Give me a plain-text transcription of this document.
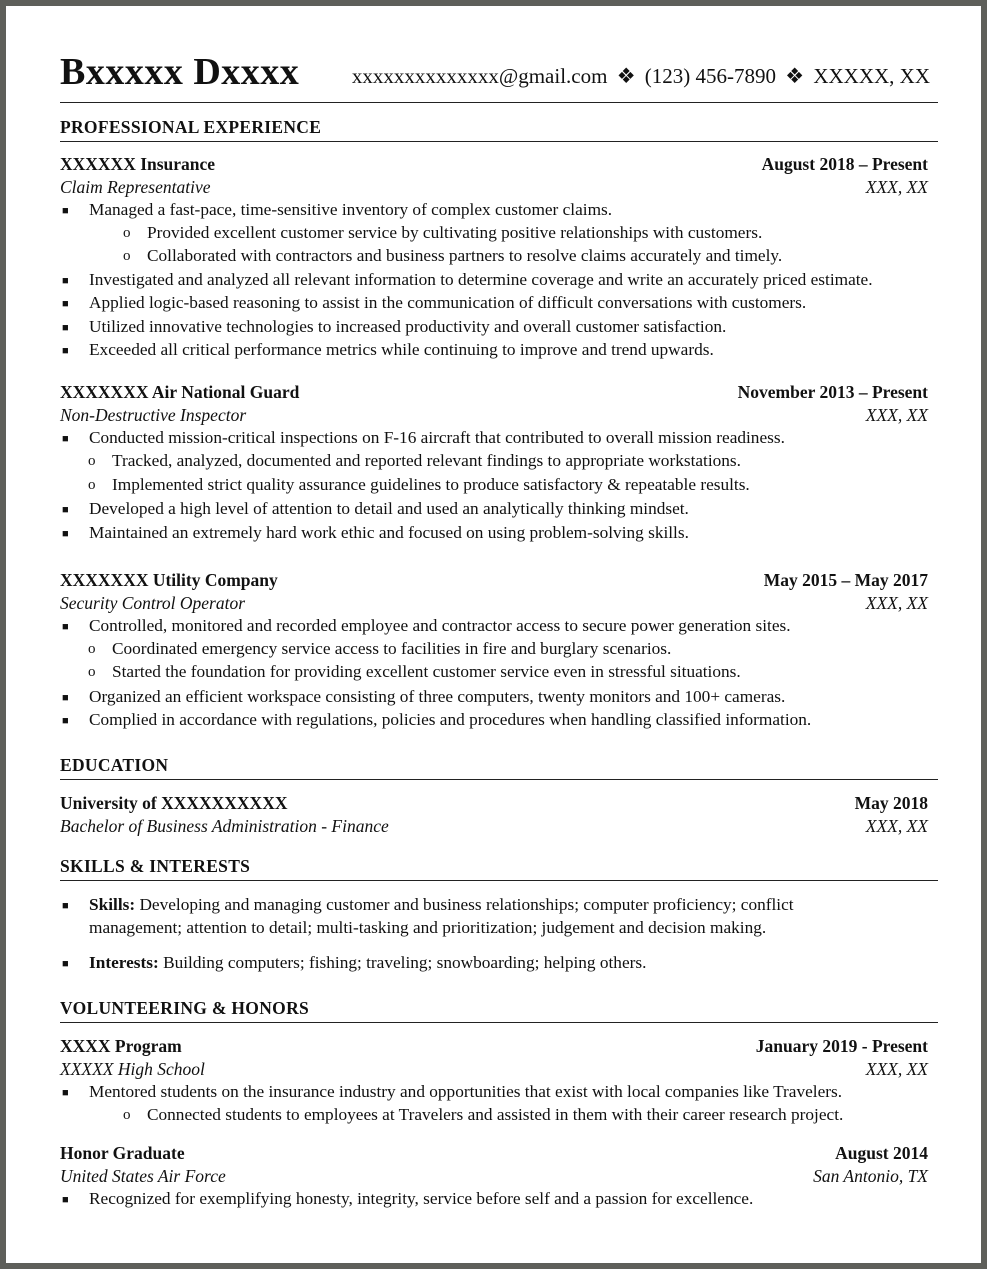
Bxxxxx Dxxxx	xxxxxxxxxxxxxx@gmail.com ❖ (123) 456-7890 ❖ XXXXX, XX
PROFESSIONAL EXPERIENCE
XXXXXX Insurance	August 2018 – Present
Claim Representative	XXX, XX
■ Managed a fast-pace, time-sensitive inventory of complex customer claims.
o Provided excellent customer service by cultivating positive relationships with customers.
o Collaborated with contractors and business partners to resolve claims accurately and timely.
■ Investigated and analyzed all relevant information to determine coverage and write an accurately priced estimate.
■ Applied logic-based reasoning to assist in the communication of difficult conversations with customers.
■ Utilized innovative technologies to increased productivity and overall customer satisfaction.
■ Exceeded all critical performance metrics while continuing to improve and trend upwards.
XXXXXXX Air National Guard	November 2013 – Present
Non-Destructive Inspector	XXX, XX
■ Conducted mission-critical inspections on F-16 aircraft that contributed to overall mission readiness.
o Tracked, analyzed, documented and reported relevant findings to appropriate workstations.
o Implemented strict quality assurance guidelines to produce satisfactory & repeatable results.
■ Developed a high level of attention to detail and used an analytically thinking mindset.
■ Maintained an extremely hard work ethic and focused on using problem-solving skills.
XXXXXXX Utility Company	May 2015 – May 2017
Security Control Operator	XXX, XX
■ Controlled, monitored and recorded employee and contractor access to secure power generation sites.
o Coordinated emergency service access to facilities in fire and burglary scenarios.
o Started the foundation for providing excellent customer service even in stressful situations.
■ Organized an efficient workspace consisting of three computers, twenty monitors and 100+ cameras.
■ Complied in accordance with regulations, policies and procedures when handling classified information.
EDUCATION
University of XXXXXXXXXX	May 2018
Bachelor of Business Administration - Finance	XXX, XX
SKILLS & INTERESTS
■ Skills: Developing and managing customer and business relationships; computer proficiency; conflict
management; attention to detail; multi-tasking and prioritization; judgement and decision making.
■ Interests: Building computers; fishing; traveling; snowboarding; helping others.
VOLUNTEERING & HONORS
XXXX Program	January 2019 - Present
XXXXX High School	XXX, XX
■ Mentored students on the insurance industry and opportunities that exist with local companies like Travelers.
o Connected students to employees at Travelers and assisted in them with their career research project.
Honor Graduate	August 2014
United States Air Force	San Antonio, TX
■ Recognized for exemplifying honesty, integrity, service before self and a passion for excellence.
